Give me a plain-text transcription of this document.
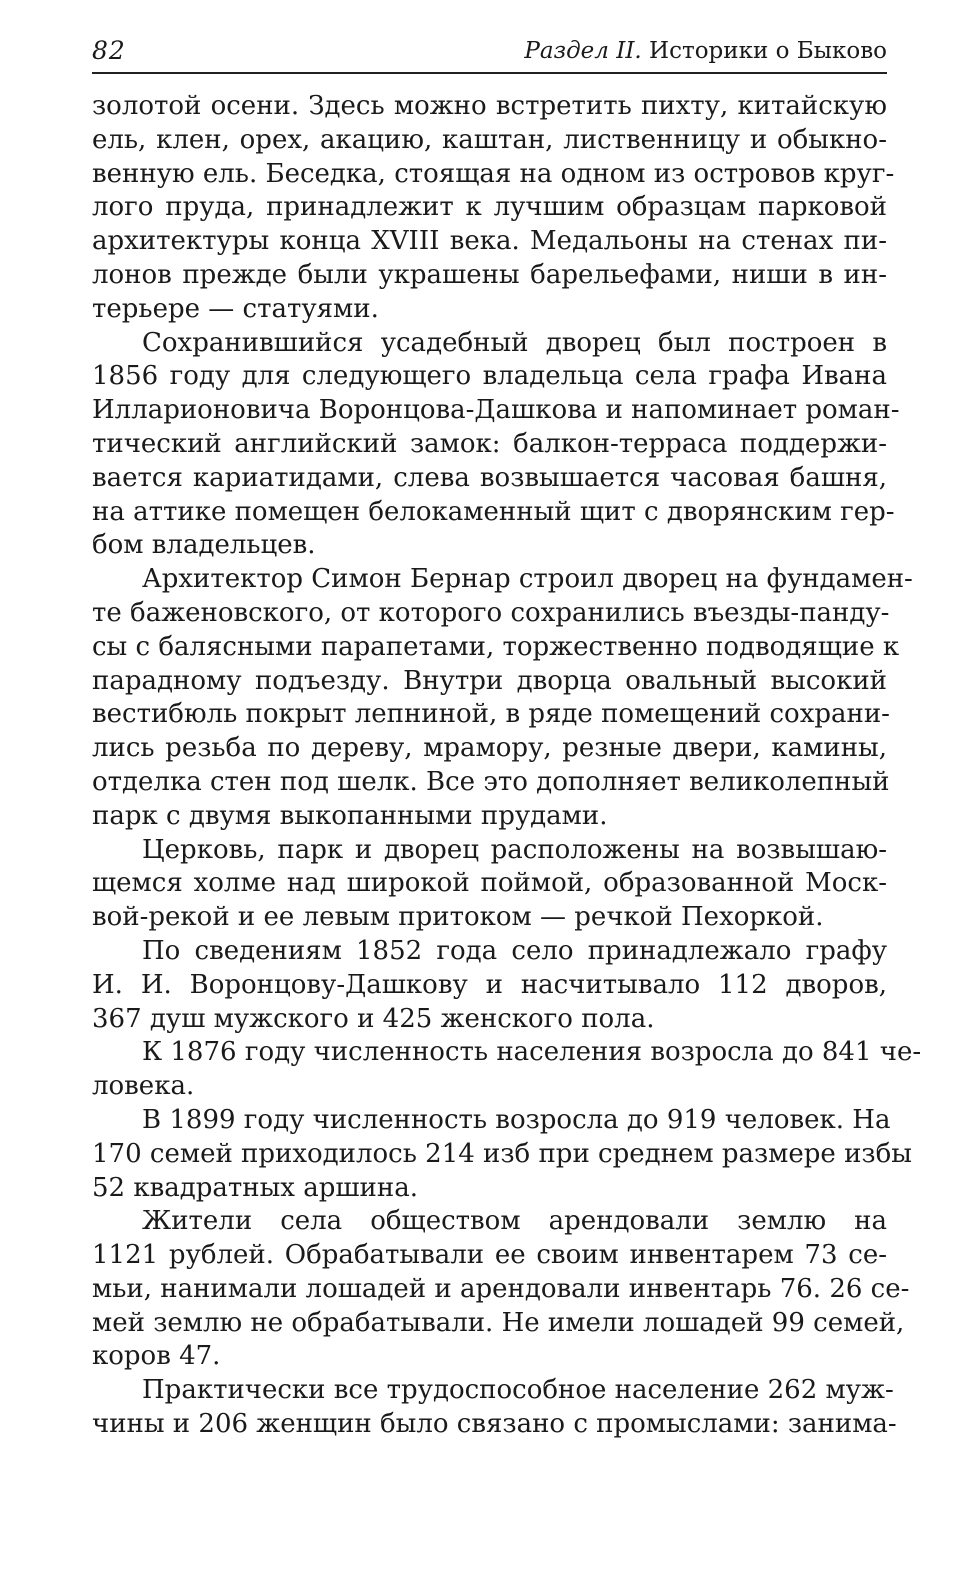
82	Раздел II. Историки о Быково

золотой осени. Здесь можно встретить пихту, китайскую
ель, клен, орех, акацию, каштан, лиственницу и обыкно-
венную ель. Беседка, стоящая на одном из островов круг-
лого пруда, принадлежит к лучшим образцам парковой
архитектуры конца XVIII века. Медальоны на стенах пи-
лонов прежде были украшены барельефами, ниши в ин-
терьере — статуями.

Сохранившийся усадебный дворец был построен в
1856 году для следующего владельца села графа Ивана
Илларионовича Воронцова-Дашкова и напоминает роман-
тический английский замок: балкон-терраса поддержи-
вается кариатидами, слева возвышается часовая башня,
на аттике помещен белокаменный щит с дворянским гер-
бом владельцев.

Архитектор Симон Бернар строил дворец на фундамен-
те баженовского, от которого сохранились въезды-панду-
сы с балясными парапетами, торжественно подводящие к
парадному подъезду. Внутри дворца овальный высокий
вестибюль покрыт лепниной, в ряде помещений сохрани-
лись резьба по дереву, мрамору, резные двери, камины,
отделка стен под шелк. Все это дополняет великолепный
парк с двумя выкопанными прудами.

Церковь, парк и дворец расположены на возвышаю-
щемся холме над широкой поймой, образованной Моск-
вой-рекой и ее левым притоком — речкой Пехоркой.

По сведениям 1852 года село принадлежало графу
И. И. Воронцову-Дашкову и насчитывало 112 дворов,
367 душ мужского и 425 женского пола.

К 1876 году численность населения возросла до 841 че-
ловека.

В 1899 году численность возросла до 919 человек. На
170 семей приходилось 214 изб при среднем размере избы
52 квадратных аршина.

Жители села обществом арендовали землю на
1121 рублей. Обрабатывали ее своим инвентарем 73 се-
мьи, нанимали лошадей и арендовали инвентарь 76. 26 се-
мей землю не обрабатывали. Не имели лошадей 99 семей,
коров 47.

Практически все трудоспособное население 262 муж-
чины и 206 женщин было связано с промыслами: занима-
